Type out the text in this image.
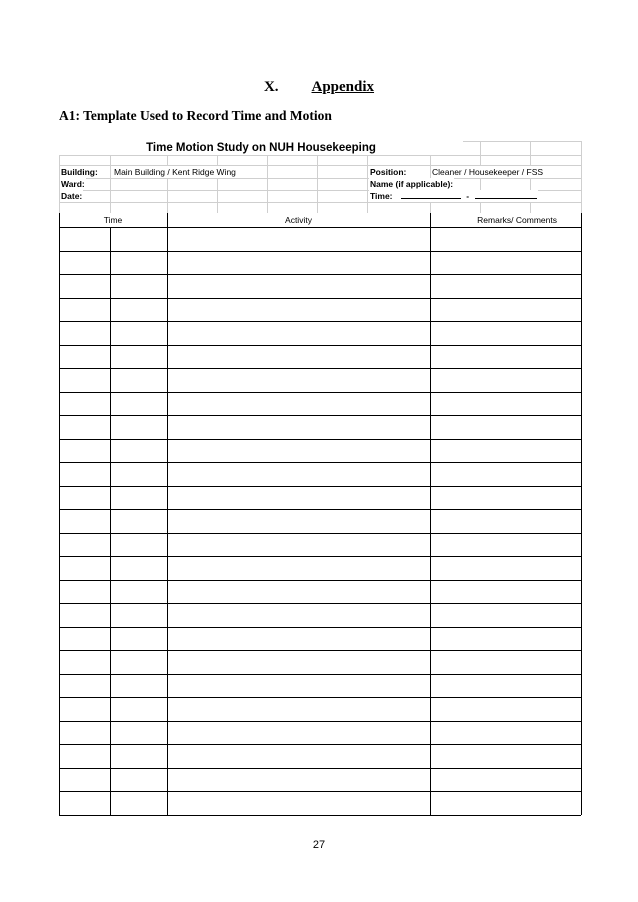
X. Appendix
A1: Template Used to Record Time and Motion
Time Motion Study on NUH Housekeeping
Building: Main Building / Kent Ridge Wing	Position:	Cleaner / Housekeeper / FSS
Ward:	Name (if applicable):
Date:	Time:	-
Time	Activity	Remarks/ Comments
27
